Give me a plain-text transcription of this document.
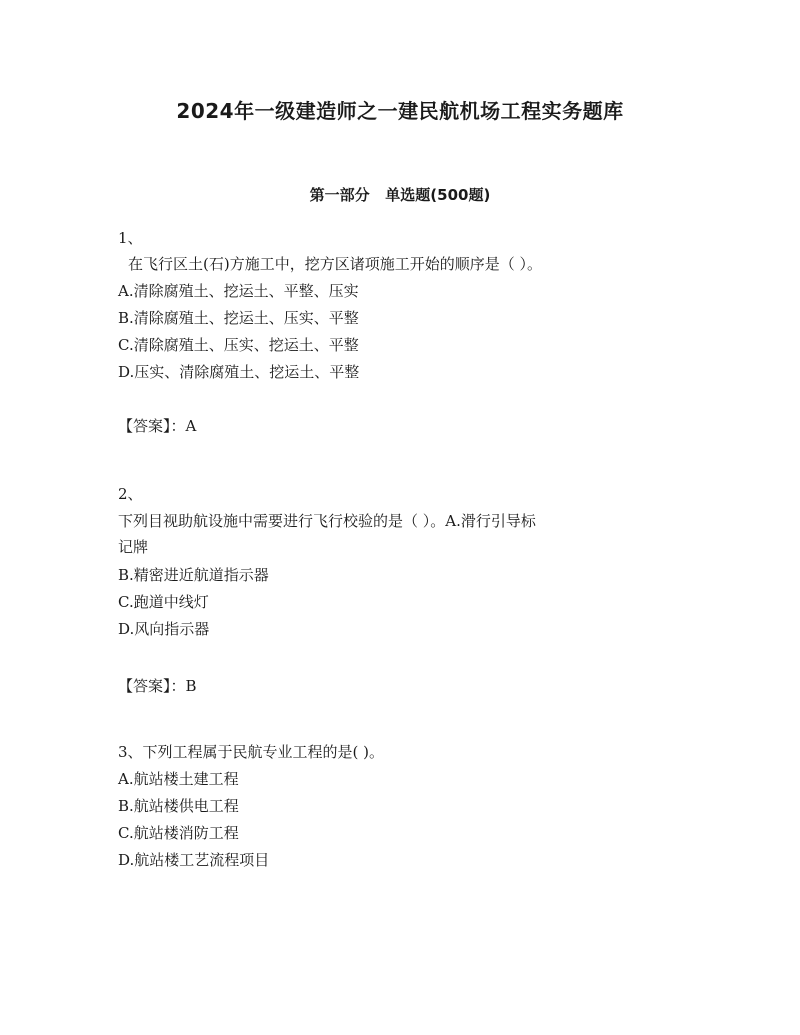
2024年一级建造师之一建民航机场工程实务题库
第一部分   单选题(500题)
1、
在飞行区土(石)方施工中，挖方区诸项施工开始的顺序是（ ）。
A.清除腐殖土、挖运土、平整、压实
B.清除腐殖土、挖运土、压实、平整
C.清除腐殖土、压实、挖运土、平整
D.压实、清除腐殖土、挖运土、平整
【答案】：A
2、
下列目视助航设施中需要进行飞行校验的是（ ）。A.滑行引导标
记牌
B.精密进近航道指示器
C.跑道中线灯
D.风向指示器
【答案】：B
3、下列工程属于民航专业工程的是( )。
A.航站楼土建工程
B.航站楼供电工程
C.航站楼消防工程
D.航站楼工艺流程项目
